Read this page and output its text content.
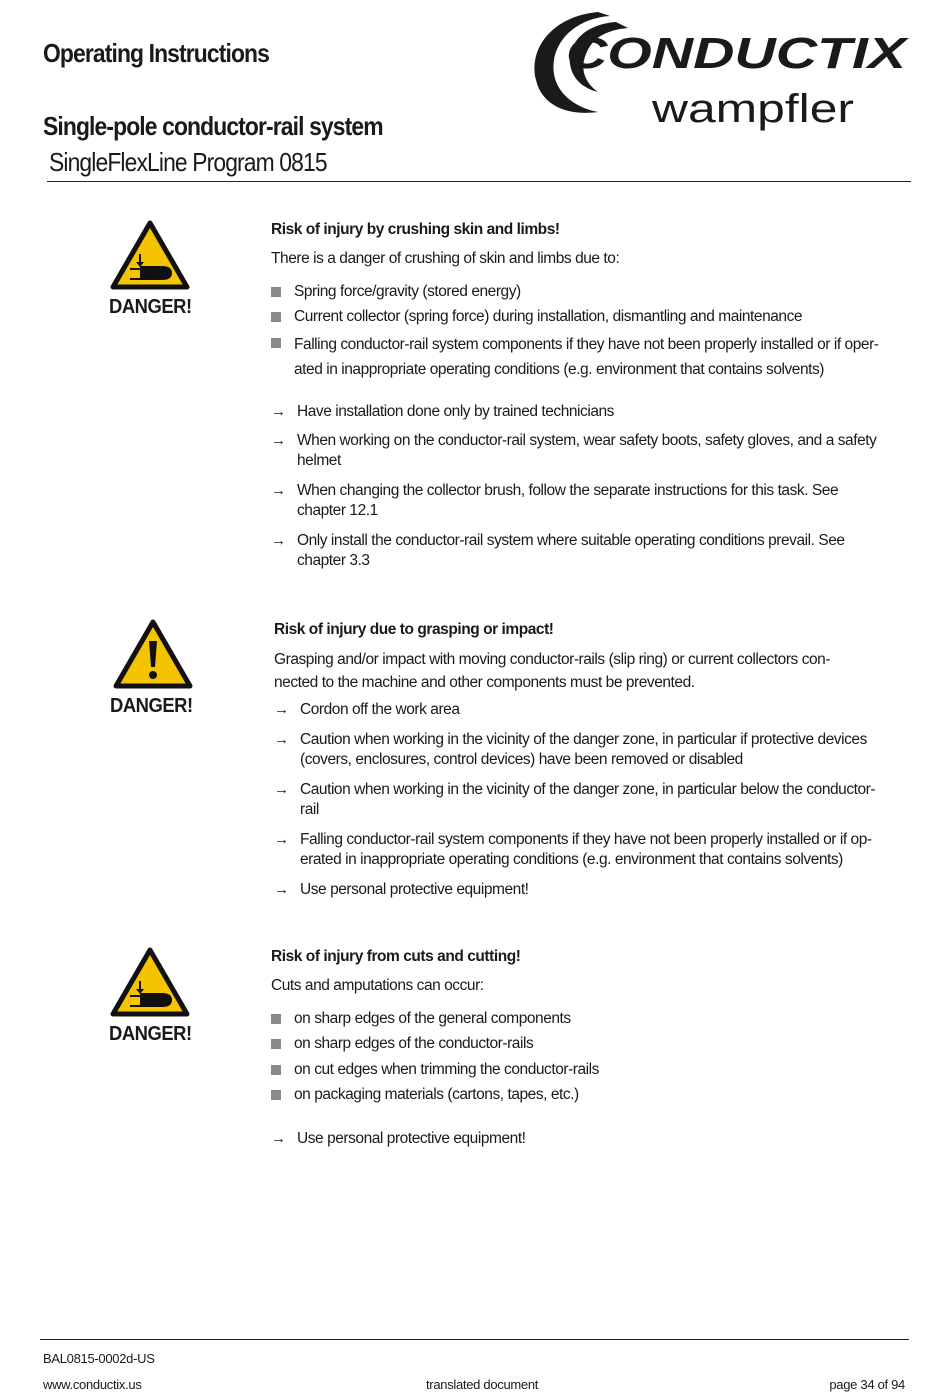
Operating Instructions
Single-pole conductor-rail system
SingleFlexLine Program 0815
CONDUCTIX
wampfler
DANGER!
Risk of injury by crushing skin and limbs!
There is a danger of crushing of skin and limbs due to:
Spring force/gravity (stored energy)
Current collector (spring force) during installation, dismantling and maintenance
Falling conductor-rail system components if they have not been properly installed or if oper-
ated in inappropriate operating conditions (e.g. environment that contains solvents)
→ Have installation done only by trained technicians
→ When working on the conductor-rail system, wear safety boots, safety gloves, and a safety
helmet
→ When changing the collector brush, follow the separate instructions for this task. See
chapter 12.1
→ Only install the conductor-rail system where suitable operating conditions prevail. See
chapter 3.3
DANGER!
Risk of injury due to grasping or impact!
Grasping and/or impact with moving conductor-rails (slip ring) or current collectors con-
nected to the machine and other components must be prevented.
→ Cordon off the work area
→ Caution when working in the vicinity of the danger zone, in particular if protective devices
(covers, enclosures, control devices) have been removed or disabled
→ Caution when working in the vicinity of the danger zone, in particular below the conductor-
rail
→ Falling conductor-rail system components if they have not been properly installed or if op-
erated in inappropriate operating conditions (e.g. environment that contains solvents)
→ Use personal protective equipment!
DANGER!
Risk of injury from cuts and cutting!
Cuts and amputations can occur:
on sharp edges of the general components
on sharp edges of the conductor-rails
on cut edges when trimming the conductor-rails
on packaging materials (cartons, tapes, etc.)
→ Use personal protective equipment!
BAL0815-0002d-US
www.conductix.us	translated document	page 34 of 94
